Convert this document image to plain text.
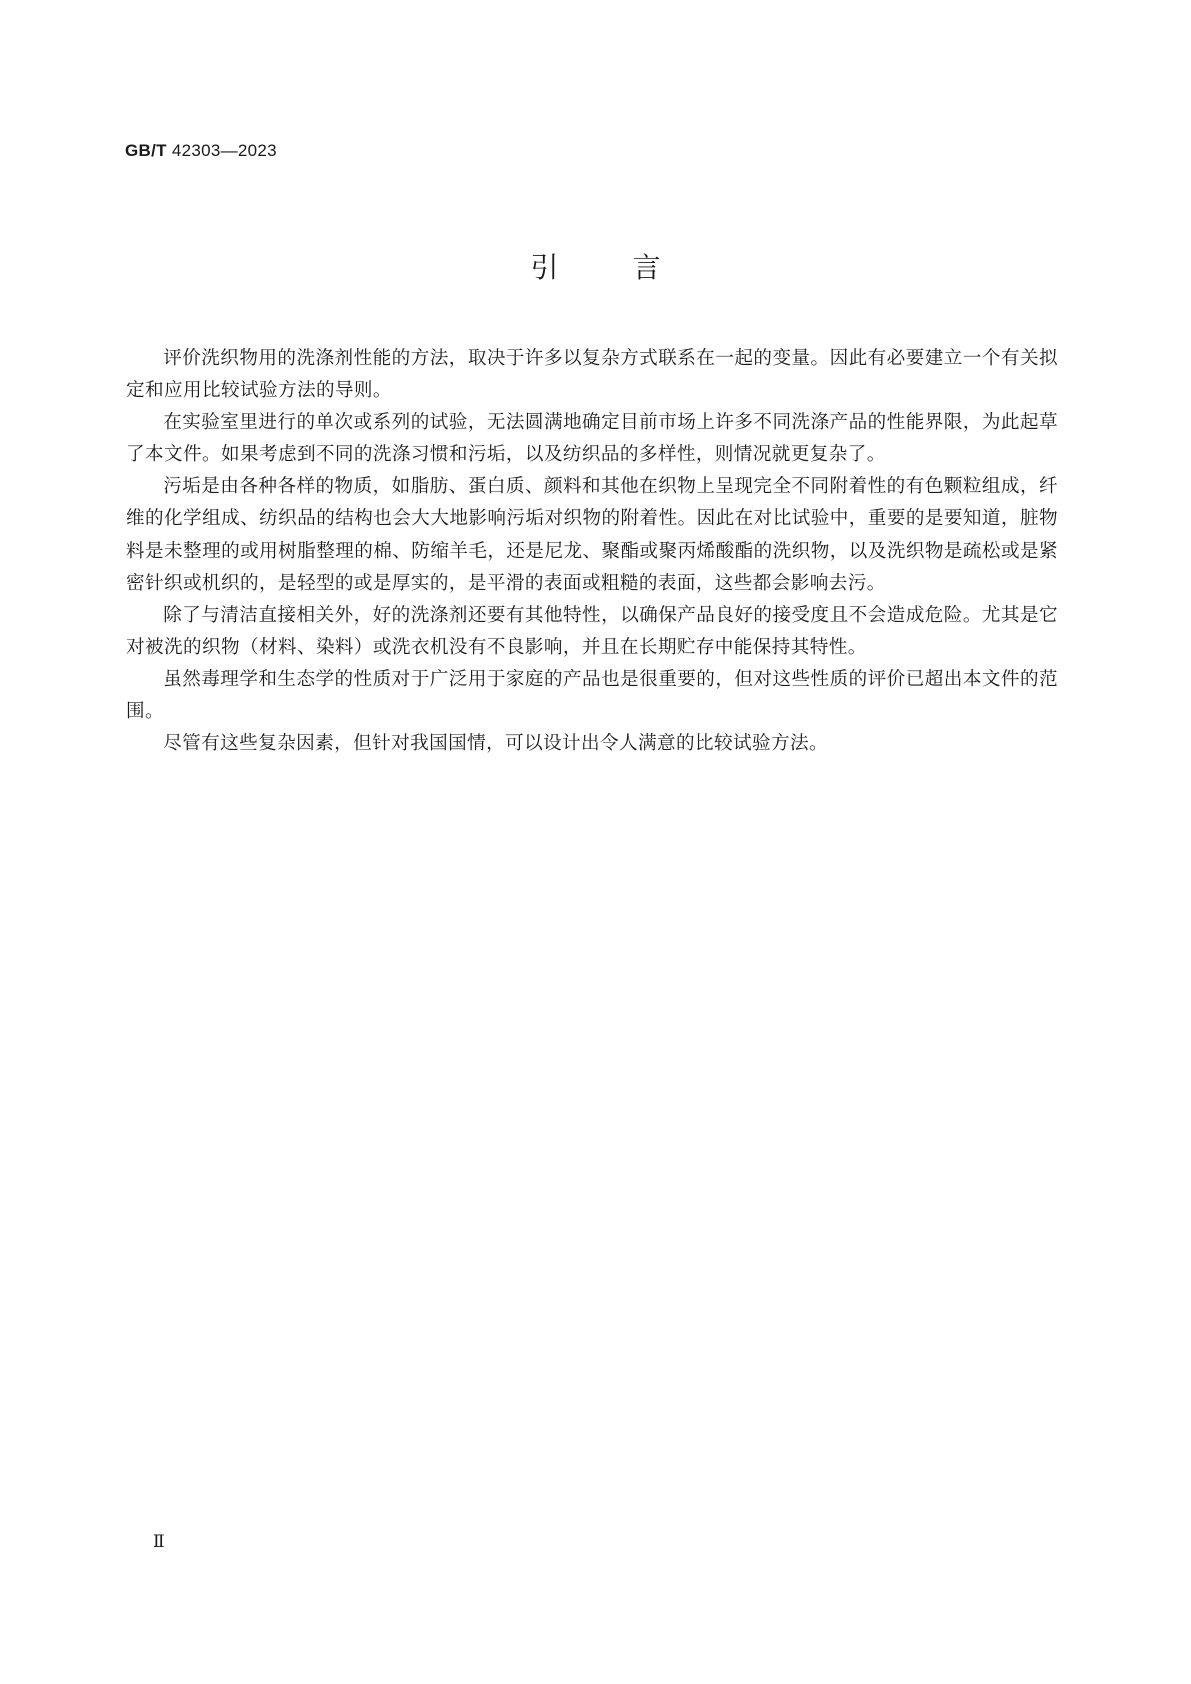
GB/T 42303—2023
引言

评价洗织物用的洗涤剂性能的方法，取决于许多以复杂方式联系在一起的变量。因此有必要建立一个有关拟定和应用比较试验方法的导则。

在实验室里进行的单次或系列的试验，无法圆满地确定目前市场上许多不同洗涤产品的性能界限，为此起草了本文件。如果考虑到不同的洗涤习惯和污垢，以及纺织品的多样性，则情况就更复杂了。

污垢是由各种各样的物质，如脂肪、蛋白质、颜料和其他在织物上呈现完全不同附着性的有色颗粒组成，纤维的化学组成、纺织品的结构也会大大地影响污垢对织物的附着性。因此在对比试验中，重要的是要知道，脏物料是未整理的或用树脂整理的棉、防缩羊毛，还是尼龙、聚酯或聚丙烯酸酯的洗织物，以及洗织物是疏松或是紧密针织或机织的，是轻型的或是厚实的，是平滑的表面或粗糙的表面，这些都会影响去污。

除了与清洁直接相关外，好的洗涤剂还要有其他特性，以确保产品良好的接受度且不会造成危险。尤其是它对被洗的织物（材料、染料）或洗衣机没有不良影响，并且在长期贮存中能保持其特性。

虽然毒理学和生态学的性质对于广泛用于家庭的产品也是很重要的，但对这些性质的评价已超出本文件的范围。

尽管有这些复杂因素，但针对我国国情，可以设计出令人满意的比较试验方法。

Ⅱ
